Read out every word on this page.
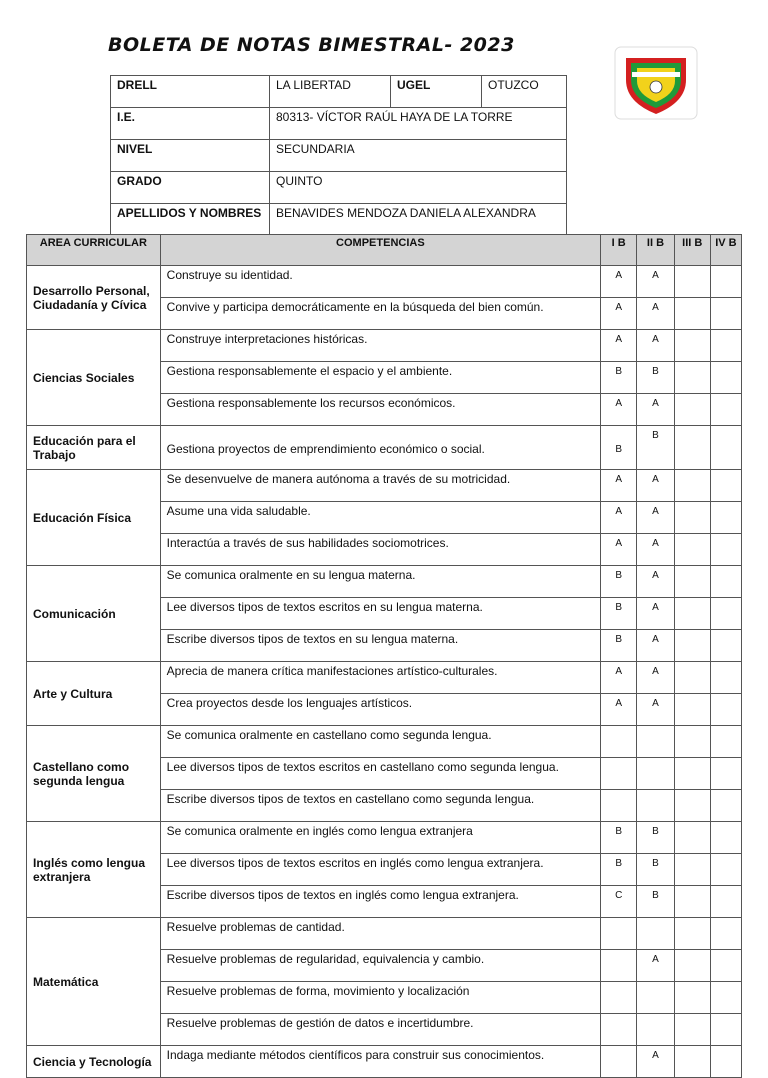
BOLETA DE NOTAS BIMESTRAL- 2023
DRELL	LA LIBERTAD	UGEL	OTUZCO
I.E.	80313- VÍCTOR RAÚL HAYA DE LA TORRE		
NIVEL	SECUNDARIA		
GRADO	QUINTO		
APELLIDOS Y NOMBRES	BENAVIDES MENDOZA DANIELA ALEXANDRA		
AREA CURRICULAR	COMPETENCIAS	I B	II B	III B	IV B
Desarrollo Personal, Ciudadanía y Cívica	Construye su identidad.	A	A		
	Convive y participa democráticamente en la búsqueda del bien común.	A	A		
Ciencias Sociales	Construye interpretaciones históricas.	A	A		
	Gestiona responsablemente el espacio y el ambiente.	B	B		
	Gestiona responsablemente los recursos económicos.	A	A		
Educación para el Trabajo	Gestiona proyectos de emprendimiento económico o social.	B	B		
Educación Física	Se desenvuelve de manera autónoma a través de su motricidad.	A	A		
	Asume una vida saludable.	A	A		
	Interactúa a través de sus habilidades sociomotrices.	A	A		
Comunicación	Se comunica oralmente en su lengua materna.	B	A		
	Lee diversos tipos de textos escritos en su lengua materna.	B	A		
	Escribe diversos tipos de textos en su lengua materna.	B	A		
Arte y Cultura	Aprecia de manera crítica manifestaciones artístico-culturales.	A	A		
	Crea proyectos desde los lenguajes artísticos.	A	A		
Castellano como segunda lengua	Se comunica oralmente en castellano como segunda lengua.				
	Lee diversos tipos de textos escritos en castellano como segunda lengua.				
	Escribe diversos tipos de textos en castellano como segunda lengua.				
Inglés como lengua extranjera	Se comunica oralmente en inglés como lengua extranjera	B	B		
	Lee diversos tipos de textos escritos en inglés como lengua extranjera.	B	B		
	Escribe diversos tipos de textos en inglés como lengua extranjera.	C	B		
Matemática	Resuelve problemas de cantidad.				
	Resuelve problemas de regularidad, equivalencia y cambio.		A		
	Resuelve problemas de forma, movimiento y localización				
	Resuelve problemas de gestión de datos e incertidumbre.				
Ciencia y Tecnología	Indaga mediante métodos científicos para construir sus conocimientos.		A		
